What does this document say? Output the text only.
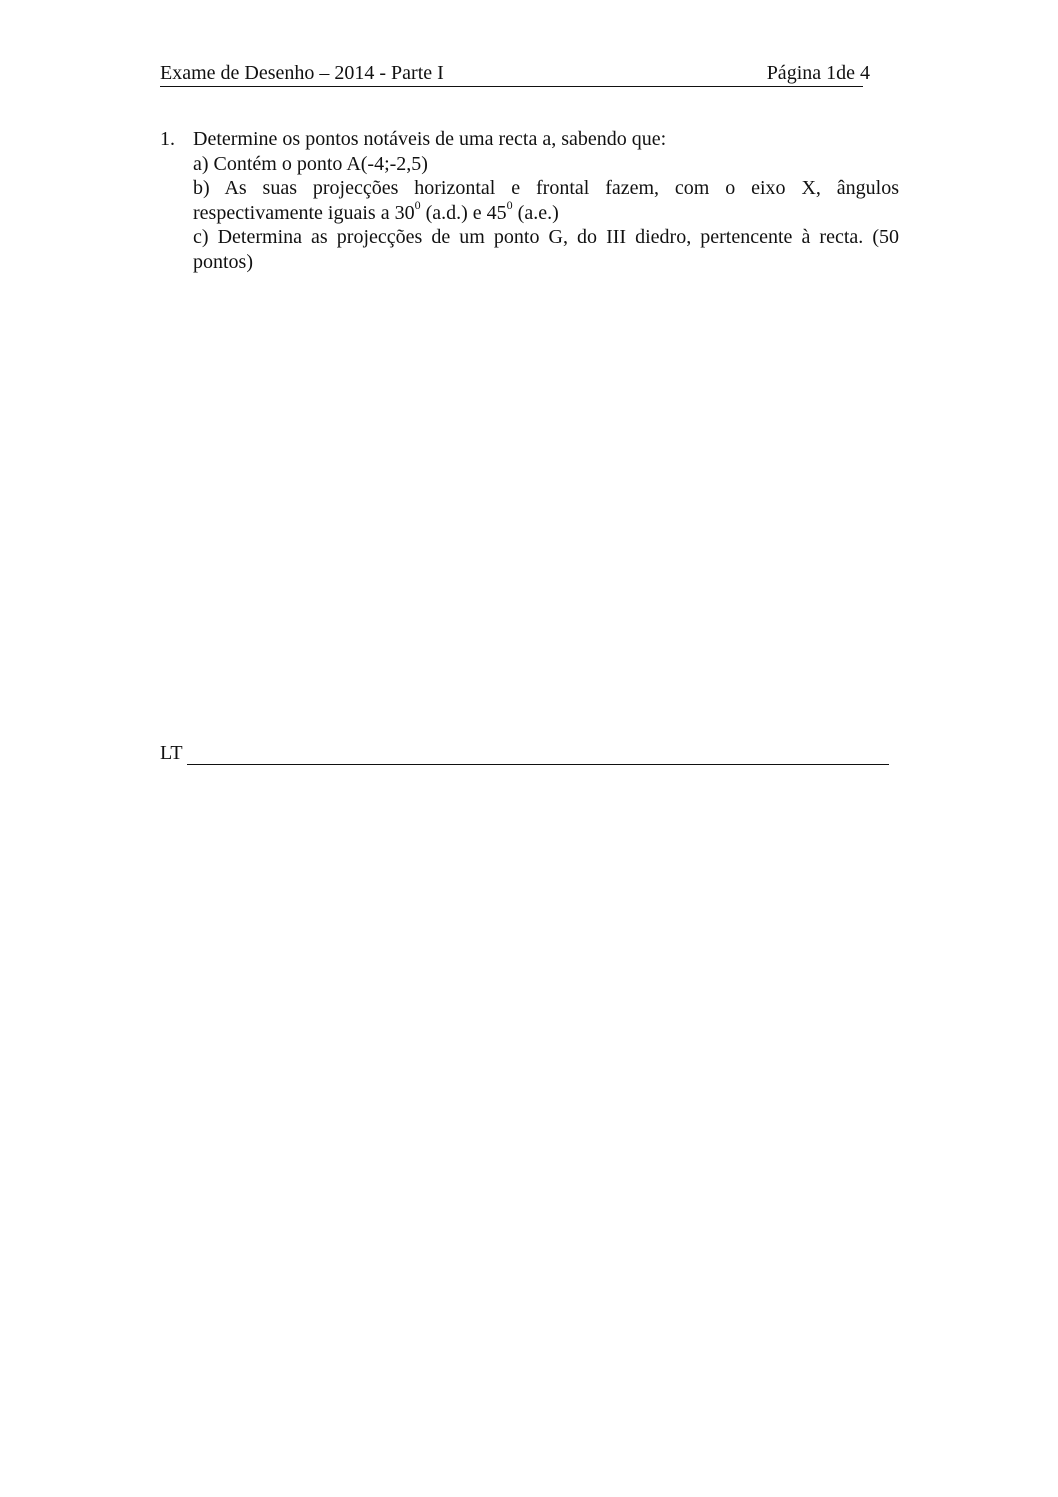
Exame de Desenho – 2014 - Parte I	Página 1de 4
1. Determine os pontos notáveis de uma recta a, sabendo que:
a) Contém o ponto A(-4;-2,5)
b) As suas projecções horizontal e frontal fazem, com o eixo X, ângulos respectivamente iguais a $30^0$ (a.d.) e $45^0$ (a.e.)
c) Determina as projecções de um ponto G, do III diedro, pertencente à recta. (50 pontos)
LT
